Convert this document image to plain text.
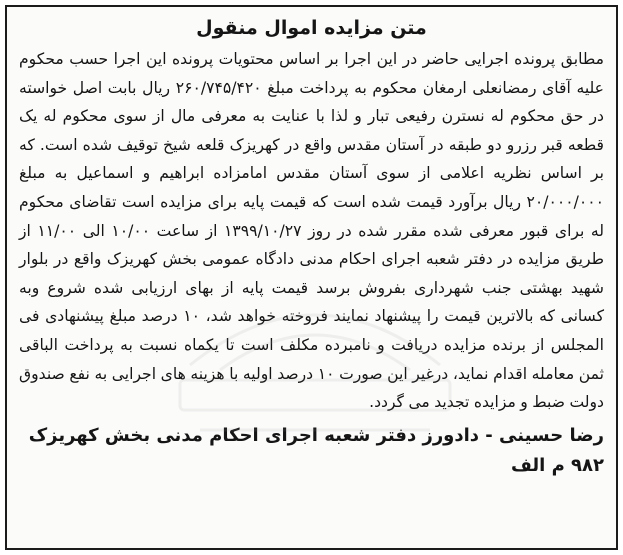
متن مزایده اموال منقول

مطابق پرونده اجرایی حاضر در این اجرا بر اساس محتویات پرونده این اجرا حسب محکوم علیه آقای رمضانعلی ارمغان محکوم به پرداخت مبلغ ۲۶۰/۷۴۵/۴۲۰ ریال بابت اصل خواسته در حق محکوم له نسترن رفیعی تبار و لذا با عنایت به معرفی مال از سوی محکوم له یک قطعه قبر رزرو دو طبقه در آستان مقدس واقع در کهریزک قلعه شیخ توقیف شده است. که بر اساس نظریه اعلامی از سوی آستان مقدس امامزاده ابراهیم و اسماعیل به مبلغ ۲۰/۰۰۰/۰۰۰ ریال برآورد قیمت شده است که قیمت پایه برای مزایده است تقاضای محکوم له برای قبور معرفی شده مقرر شده در روز ۱۳۹۹/۱۰/۲۷ از ساعت ۱۰/۰۰ الی ۱۱/۰۰ از طریق مزایده در دفتر شعبه اجرای احکام مدنی دادگاه عمومی بخش کهریزک واقع در بلوار شهید بهشتی جنب شهرداری بفروش برسد قیمت پایه از بهای ارزیابی شده شروع وبه کسانی که بالاترین قیمت را پیشنهاد نمایند فروخته خواهد شد، ۱۰ درصد مبلغ پیشنهادی فی المجلس از برنده مزایده دریافت و نامبرده مکلف است تا یکماه نسبت به پرداخت الباقی ثمن معامله اقدام نماید، درغیر این صورت ۱۰ درصد اولیه با هزینه های اجرایی به نفع صندوق دولت ضبط و مزایده تجدید می گردد.

رضا حسینی - دادورز دفتر شعبه اجرای احکام مدنی بخش کهریزک
۹۸۲ م الف
